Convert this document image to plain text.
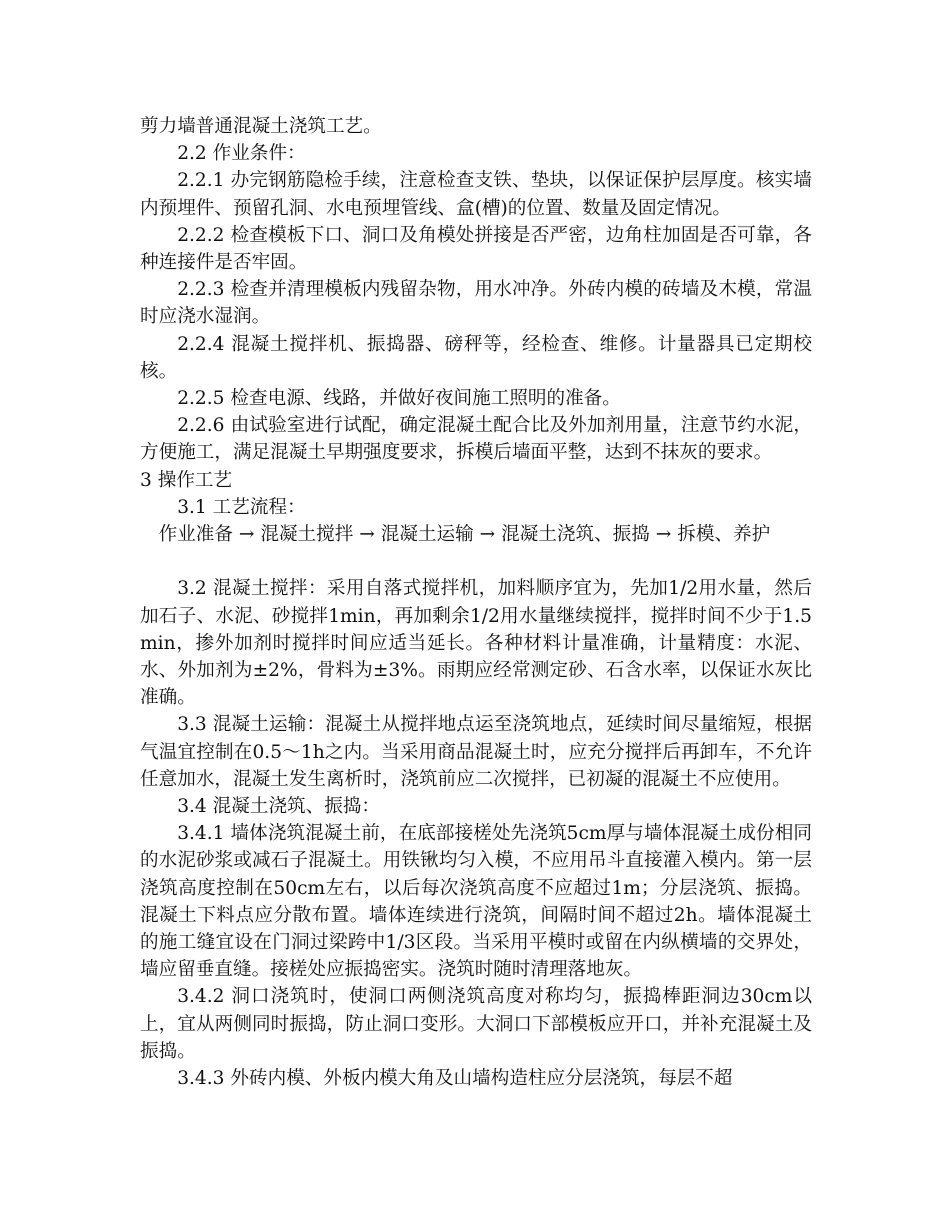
剪力墙普通混凝土浇筑工艺。

2.2 作业条件：

2.2.1 办完钢筋隐检手续，注意检查支铁、垫块，以保证保护层厚度。核实墙内预埋件、预留孔洞、水电预埋管线、盒(槽)的位置、数量及固定情况。

2.2.2 检查模板下口、洞口及角模处拼接是否严密，边角柱加固是否可靠，各种连接件是否牢固。

2.2.3 检查并清理模板内残留杂物，用水冲净。外砖内模的砖墙及木模，常温时应浇水湿润。

2.2.4 混凝土搅拌机、振捣器、磅秤等，经检查、维修。计量器具已定期校核。

2.2.5 检查电源、线路，并做好夜间施工照明的准备。

2.2.6 由试验室进行试配，确定混凝土配合比及外加剂用量，注意节约水泥，方便施工，满足混凝土早期强度要求，拆模后墙面平整，达到不抹灰的要求。

3 操作工艺

3.1 工艺流程：

作业准备 → 混凝土搅拌 → 混凝土运输 → 混凝土浇筑、振捣 → 拆模、养护

3.2 混凝土搅拌：采用自落式搅拌机，加料顺序宜为，先加1/2用水量，然后加石子、水泥、砂搅拌1min，再加剩余1/2用水量继续搅拌，搅拌时间不少于1.5min，掺外加剂时搅拌时间应适当延长。各种材料计量准确，计量精度：水泥、水、外加剂为±2%，骨料为±3%。雨期应经常测定砂、石含水率，以保证水灰比准确。

3.3 混凝土运输：混凝土从搅拌地点运至浇筑地点，延续时间尽量缩短，根据气温宜控制在0.5～1h之内。当采用商品混凝土时，应充分搅拌后再卸车，不允许任意加水，混凝土发生离析时，浇筑前应二次搅拌，已初凝的混凝土不应使用。

3.4 混凝土浇筑、振捣：

3.4.1 墙体浇筑混凝土前，在底部接槎处先浇筑5cm厚与墙体混凝土成份相同的水泥砂浆或减石子混凝土。用铁锹均匀入模，不应用吊斗直接灌入模内。第一层浇筑高度控制在50cm左右，以后每次浇筑高度不应超过1m；分层浇筑、振捣。混凝土下料点应分散布置。墙体连续进行浇筑，间隔时间不超过2h。墙体混凝土的施工缝宜设在门洞过梁跨中1/3区段。当采用平模时或留在内纵横墙的交界处，墙应留垂直缝。接槎处应振捣密实。浇筑时随时清理落地灰。

3.4.2 洞口浇筑时，使洞口两侧浇筑高度对称均匀，振捣棒距洞边30cm以上，宜从两侧同时振捣，防止洞口变形。大洞口下部模板应开口，并补充混凝土及振捣。

3.4.3 外砖内模、外板内模大角及山墙构造柱应分层浇筑，每层不超
